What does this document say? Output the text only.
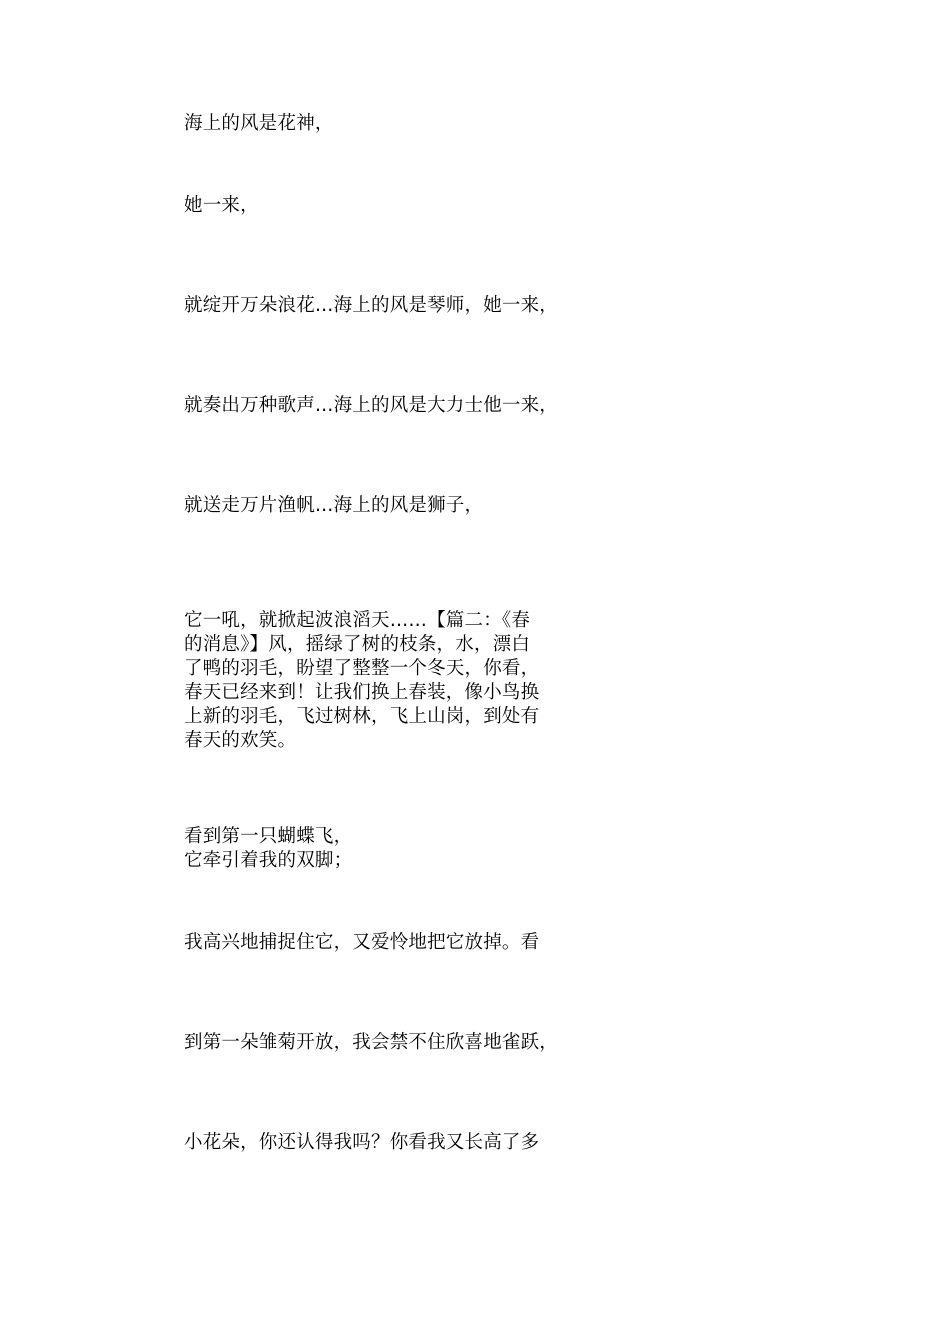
海上的风是花神，
她一来，
就绽开万朵浪花…海上的风是琴师，她一来，
就奏出万种歌声…海上的风是大力士他一来，
就送走万片渔帆…海上的风是狮子，
它一吼，就掀起波浪滔天……【篇二：《春
的消息》】风，摇绿了树的枝条，水，漂白
了鸭的羽毛，盼望了整整一个冬天，你看，
春天已经来到！让我们换上春装，像小鸟换
上新的羽毛，飞过树林，飞上山岗，到处有
春天的欢笑。
看到第一只蝴蝶飞，
它牵引着我的双脚；
我高兴地捕捉住它，又爱怜地把它放掉。看
到第一朵雏菊开放，我会禁不住欣喜地雀跃，
小花朵，你还认得我吗？你看我又长高了多
